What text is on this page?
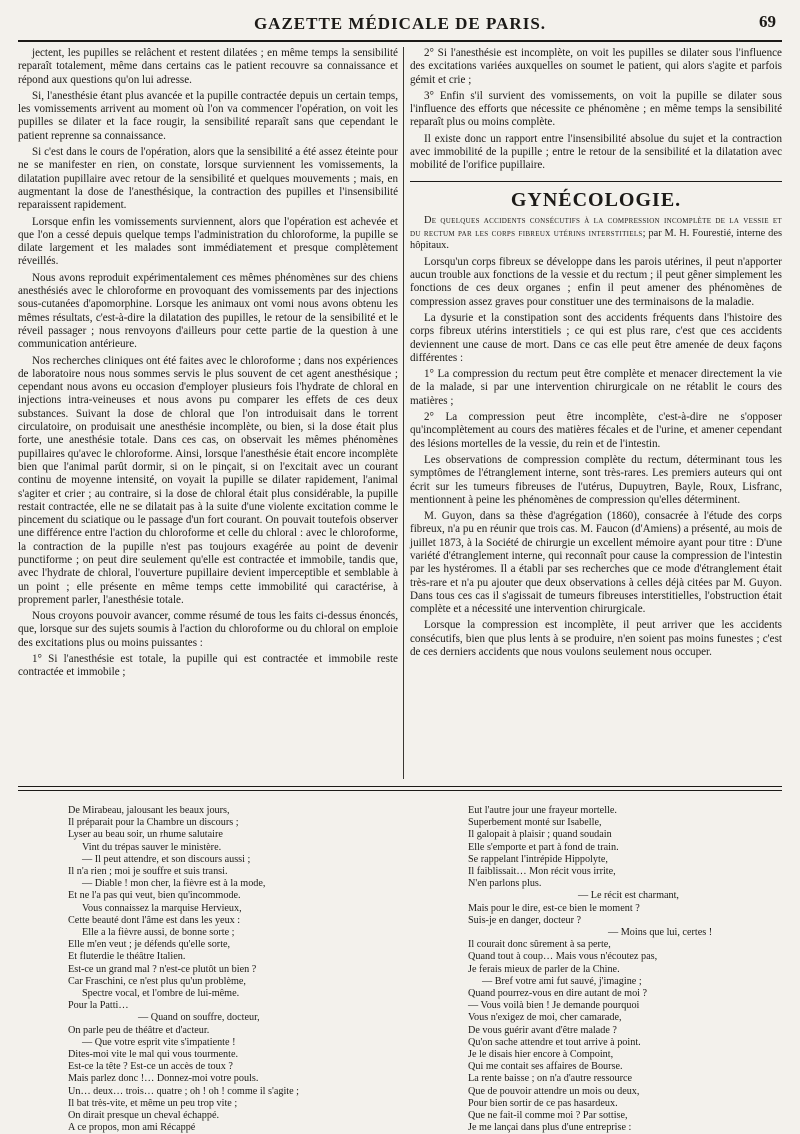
GAZETTE MÉDICALE DE PARIS.	69

jectent, les pupilles se relâchent et restent dilatées ; en même temps la sensibilité reparaît totalement, même dans certains cas le patient recouvre sa connaissance et répond aux questions qu'on lui adresse.

Si, l'anesthésie étant plus avancée et la pupille contractée depuis un certain temps, les vomissements arrivent au moment où l'on va commencer l'opération, on voit les pupilles se dilater et la face rougir, la sensibilité reparaît sans que cependant le patient reprenne sa connaissance.

Si c'est dans le cours de l'opération, alors que la sensibilité a été assez éteinte pour ne se manifester en rien, on constate, lorsque surviennent les vomissements, la dilatation pupillaire avec retour de la sensibilité et quelques mouvements ; mais, en augmentant la dose de l'anesthésique, la contraction des pupilles et l'insensibilité reparaissent rapidement.

Lorsque enfin les vomissements surviennent, alors que l'opération est achevée et que l'on a cessé depuis quelque temps l'administration du chloroforme, la pupille se dilate largement et les malades sont immédiatement et presque complètement réveillés.

Nous avons reproduit expérimentalement ces mêmes phénomènes sur des chiens anesthésiés avec le chloroforme en provoquant des vomissements par des injections sous-cutanées d'apomorphine. Lorsque les animaux ont vomi nous avons obtenu les mêmes résultats, c'est-à-dire la dilatation des pupilles, le retour de la sensibilité et le réveil passager ; nous renvoyons d'ailleurs pour cette partie de la question à une communication antérieure.

Nos recherches cliniques ont été faites avec le chloroforme ; dans nos expériences de laboratoire nous nous sommes servis le plus souvent de cet agent anesthésique ; cependant nous avons eu occasion d'employer plusieurs fois l'hydrate de chloral en injections intra-veineuses et nous avons pu comparer les effets de ces deux substances. Suivant la dose de chloral que l'on introduisait dans le torrent circulatoire, on produisait une anesthésie incomplète, ou bien, si la dose était plus forte, une anesthésie totale. Dans ces cas, on observait les mêmes phénomènes pupillaires qu'avec le chloroforme. Ainsi, lorsque l'anesthésie était encore incomplète bien que l'animal parût dormir, si on le pinçait, si on l'excitait avec un courant continu de moyenne intensité, on voyait la pupille se dilater rapidement, l'animal s'agiter et crier ; au contraire, si la dose de chloral était plus considérable, la pupille restait contractée, elle ne se dilatait pas à la suite d'une violente excitation comme le pincement du sciatique ou le passage d'un fort courant. On pouvait toutefois observer une différence entre l'action du chloroforme et celle du chloral : avec le chloroforme, la contraction de la pupille n'est pas toujours exagérée au point de devenir punctiforme ; on peut dire seulement qu'elle est contractée et immobile, tandis que, avec l'hydrate de chloral, l'ouverture pupillaire devient imperceptible et semblable à un point ; elle présente en même temps cette immobilité qui caractérise, à proprement parler, l'anesthésie totale.

Nous croyons pouvoir avancer, comme résumé de tous les faits ci-dessus énoncés, que, lorsque sur des sujets soumis à l'action du chloroforme ou du chloral on emploie des excitations plus ou moins puissantes :

1° Si l'anesthésie est totale, la pupille qui est contractée et immobile reste contractée et immobile ;

2° Si l'anesthésie est incomplète, on voit les pupilles se dilater sous l'influence des excitations variées auxquelles on soumet le patient, qui alors s'agite et parfois gémit et crie ;

3° Enfin s'il survient des vomissements, on voit la pupille se dilater sous l'influence des efforts que nécessite ce phénomène ; en même temps la sensibilité reparaît plus ou moins complète.

Il existe donc un rapport entre l'insensibilité absolue du sujet et la contraction avec immobilité de la pupille ; entre le retour de la sensibilité et la dilatation avec mobilité de l'orifice pupillaire.

GYNÉCOLOGIE.

De quelques accidents consécutifs à la compression incomplète de la vessie et du rectum par les corps fibreux utérins interstitiels; par M. H. Fourestié, interne des hôpitaux.

Lorsqu'un corps fibreux se développe dans les parois utérines, il peut n'apporter aucun trouble aux fonctions de la vessie et du rectum ; il peut gêner simplement les fonctions de ces deux organes ; enfin il peut amener des phénomènes de compression assez graves pour constituer une des terminaisons de la maladie.

La dysurie et la constipation sont des accidents fréquents dans l'histoire des corps fibreux utérins interstitiels ; ce qui est plus rare, c'est que ces accidents deviennent une cause de mort. Dans ce cas elle peut être amenée de deux façons différentes :

1° La compression du rectum peut être complète et menacer directement la vie de la malade, si par une intervention chirurgicale on ne rétablit le cours des matières ;

2° La compression peut être incomplète, c'est-à-dire ne s'opposer qu'incomplètement au cours des matières fécales et de l'urine, et amener cependant des lésions mortelles de la vessie, du rein et de l'intestin.

Les observations de compression complète du rectum, déterminant tous les symptômes de l'étranglement interne, sont très-rares. Les premiers auteurs qui ont écrit sur les tumeurs fibreuses de l'utérus, Dupuytren, Bayle, Roux, Lisfranc, mentionnent à peine les phénomènes de compression qu'elles déterminent.

M. Guyon, dans sa thèse d'agrégation (1860), consacrée à l'étude des corps fibreux, n'a pu en réunir que trois cas. M. Faucon (d'Amiens) a présenté, au mois de juillet 1873, à la Société de chirurgie un excellent mémoire ayant pour titre : D'une variété d'étranglement interne, qui reconnaît pour cause la compression de l'intestin par les hystéromes. Il a établi par ses recherches que ce mode d'étranglement était très-rare et n'a pu ajouter que deux observations à celles déjà citées par M. Guyon. Dans tous ces cas il s'agissait de tumeurs fibreuses interstitielles, l'obstruction était complète et a nécessité une intervention chirurgicale.

Lorsque la compression est incomplète, il peut arriver que les accidents consécutifs, bien que plus lents à se produire, n'en soient pas moins funestes ; c'est de ces derniers accidents que nous voulons seulement nous occuper.

De Mirabeau, jalousant les beaux jours,
Il préparait pour la Chambre un discours ;
Lyser au beau soir, un rhume salutaire
Vint du trépas sauver le ministère.
— Il peut attendre, et son discours aussi ;
Il n'a rien ; moi je souffre et suis transi.
— Diable ! mon cher, la fièvre est à la mode,
Et ne l'a pas qui veut, bien qu'incommode.
Vous connaissez la marquise Hervieux,
Cette beauté dont l'âme est dans les yeux :
Elle a la fièvre aussi, de bonne sorte ;
Elle m'en veut ; je défends qu'elle sorte,
Et fluterdie le théâtre Italien.
Est-ce un grand mal ? n'est-ce plutôt un bien ?
Car Fraschini, ce n'est plus qu'un problème,
Spectre vocal, et l'ombre de lui-même.
Pour la Patti…
— Quand on souffre, docteur,
On parle peu de théâtre et d'acteur.
— Que votre esprit vite s'impatiente !
Dites-moi vite le mal qui vous tourmente.
Est-ce la tête ? Est-ce un accès de toux ?
Mais parlez donc !… Donnez-moi votre pouls.
Un… deux… trois… quatre ; oh ! oh ! comme il s'agite ;
Il bat très-vite, et même un peu trop vite ;
On dirait presque un cheval échappé.
A ce propos, mon ami Récappé
Eut l'autre jour une frayeur mortelle.
Superbement monté sur Isabelle,
Il galopait à plaisir ; quand soudain
Elle s'emporte et part à fond de train.
Se rappelant l'intrépide Hippolyte,
Il faiblissait… Mon récit vous irrite,
N'en parlons plus.
— Le récit est charmant,
Mais pour le dire, est-ce bien le moment ?
Suis-je en danger, docteur ?
— Moins que lui, certes !
Il courait donc sûrement à sa perte,
Quand tout à coup… Mais vous n'écoutez pas,
Je ferais mieux de parler de la Chine.
— Bref votre ami fut sauvé, j'imagine ;
Quand pourrez-vous en dire autant de moi ?
— Vous voilà bien ! Je demande pourquoi
Vous n'exigez de moi, cher camarade,
De vous guérir avant d'être malade ?
Qu'on sache attendre et tout arrive à point.
Je le disais hier encore à Compoint,
Qui me contait ses affaires de Bourse.
La rente baisse ; on n'a d'autre ressource
Que de pouvoir attendre un mois ou deux,
Pour bien sortir de ce pas hasardeux.
Que ne fait-il comme moi ? Par sottise,
Je me lançai dans plus d'une entreprise :
